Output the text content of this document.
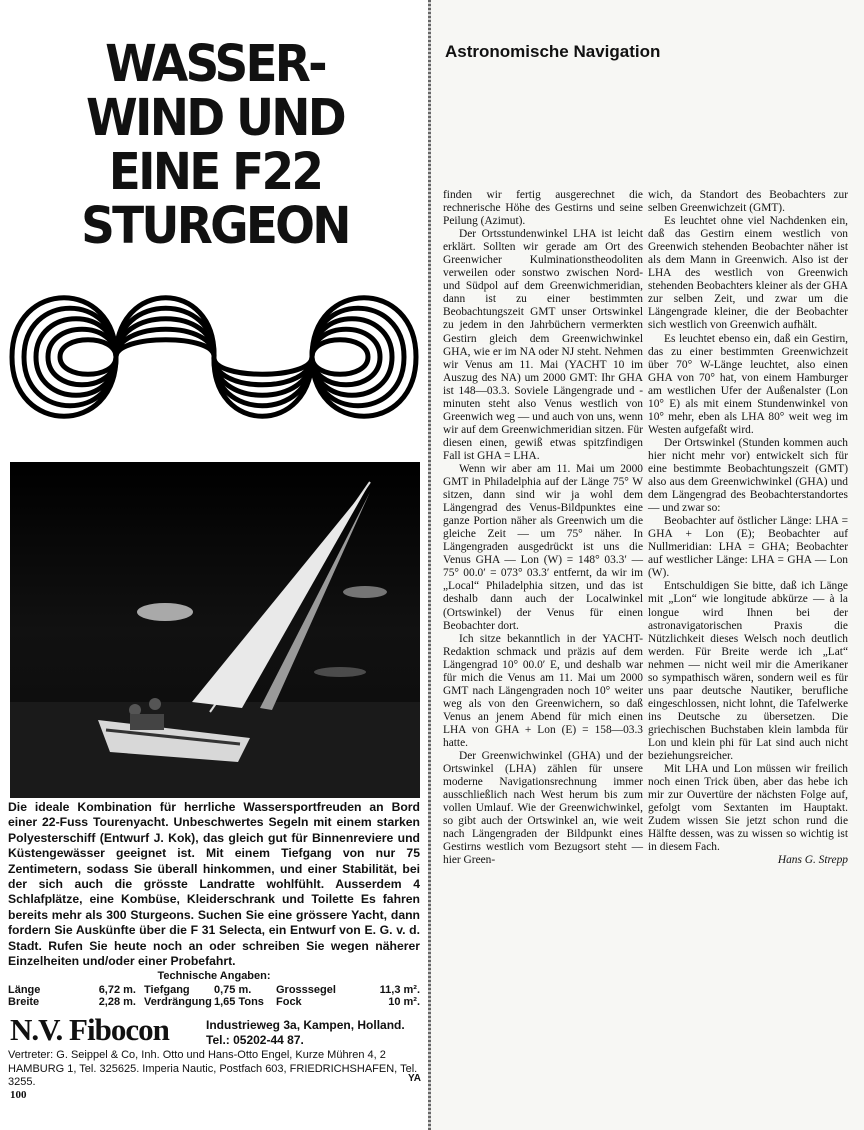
WASSER-
WIND UND
EINE F22
STURGEON
Die ideale Kombination für herrliche Wassersportfreuden an Bord einer 22-Fuss Tourenyacht. Unbeschwertes Segeln mit einem starken Polyesterschiff (Entwurf J. Kok), das gleich gut für Binnenreviere und Küstengewässer geeignet ist. Mit einem Tiefgang von nur 75 Zentimetern, sodass Sie überall hinkommen, und einer Stabilität, bei der sich auch die grösste Landratte wohlfühlt. Ausserdem 4 Schlafplätze, eine Kombüse, Kleiderschrank und Toilette Es fahren bereits mehr als 300 Sturgeons. Suchen Sie eine grössere Yacht, dann fordern Sie Auskünfte über die F 31 Selecta, ein Entwurf von E. G. v. d. Stadt. Rufen Sie heute noch an oder schreiben Sie wegen näherer Einzelheiten und/oder einer Probefahrt.
Technische Angaben:
Länge	6,72 m.	Tiefgang	0,75 m.	Grosssegel	11,3 m².
Breite	2,28 m.	Verdrängung	1,65 Tons	Fock	10 m².
N.V. Fibocon	Industrieweg 3a, Kampen, Holland.
Tel.: 05202-44 87.
Vertreter: G. Seippel & Co, Inh. Otto und Hans-Otto Engel, Kurze Mühren 4, 2 HAMBURG 1, Tel. 325625. Imperia Nautic, Postfach 603, FRIEDRICHSHAFEN, Tel. 3255.	YA
100
Astronomische Navigation

finden wir fertig ausgerechnet die rechnerische Höhe des Gestirns und seine Peilung (Azimut).

Der Ortsstundenwinkel LHA ist leicht erklärt. Sollten wir gerade am Ort des Greenwicher Kulminationstheodoliten verweilen oder sonstwo zwischen Nord- und Südpol auf dem Greenwichmeridian, dann ist zu einer bestimmten Beobachtungszeit GMT unser Ortswinkel zu jedem in den Jahrbüchern vermerkten Gestirn gleich dem Greenwichwinkel GHA, wie er im NA oder NJ steht. Nehmen wir Venus am 11. Mai (YACHT 10 im Auszug des NA) um 2000 GMT: Ihr GHA ist 148—03.3. Soviele Längengrade und -minuten steht also Venus westlich von Greenwich weg — und auch von uns, wenn wir auf dem Greenwichmeridian sitzen. Für diesen einen, gewiß etwas spitzfindigen Fall ist GHA = LHA.

Wenn wir aber am 11. Mai um 2000 GMT in Philadelphia auf der Länge 75° W sitzen, dann sind wir ja wohl dem Längengrad des Venus-Bildpunktes eine ganze Portion näher als Greenwich um die gleiche Zeit — um 75° näher. In Längengraden ausgedrückt ist uns die Venus GHA — Lon (W) = 148° 03.3′ — 75° 00.0′ = 073° 03.3′ entfernt, da wir im „Local“ Philadelphia sitzen, und das ist deshalb dann auch der Localwinkel (Ortswinkel) der Venus für einen Beobachter dort.

Ich sitze bekanntlich in der YACHT-Redaktion schmack und präzis auf dem Längengrad 10° 00.0′ E, und deshalb war für mich die Venus am 11. Mai um 2000 GMT nach Längengraden noch 10° weiter weg als von den Greenwichern, so daß Venus an jenem Abend für mich einen LHA von GHA + Lon (E) = 158—03.3 hatte.

Der Greenwichwinkel (GHA) und der Ortswinkel (LHA) zählen für unsere moderne Navigationsrechnung immer ausschließlich nach West herum bis zum vollen Umlauf. Wie der Greenwichwinkel, so gibt auch der Ortswinkel an, wie weit nach Längengraden der Bildpunkt eines Gestirns westlich vom Bezugsort steht — hier Green-

wich, da Standort des Beobachters zur selben Greenwichzeit (GMT).

Es leuchtet ohne viel Nachdenken ein, daß das Gestirn einem westlich von Greenwich stehenden Beobachter näher ist als dem Mann in Greenwich. Also ist der LHA des westlich von Greenwich stehenden Beobachters kleiner als der GHA zur selben Zeit, und zwar um die Längengrade kleiner, die der Beobachter sich westlich von Greenwich aufhält.

Es leuchtet ebenso ein, daß ein Gestirn, das zu einer bestimmten Greenwichzeit über 70° W-Länge leuchtet, also einen GHA von 70° hat, von einem Hamburger am westlichen Ufer der Außenalster (Lon 10° E) als mit einem Stundenwinkel von 10° mehr, eben als LHA 80° weit weg im Westen aufgefaßt wird.

Der Ortswinkel (Stunden kommen auch hier nicht mehr vor) entwickelt sich für eine bestimmte Beobachtungszeit (GMT) also aus dem Greenwichwinkel (GHA) und dem Längengrad des Beobachterstandortes — und zwar so:

Beobachter auf östlicher Länge: LHA = GHA + Lon (E); Beobachter auf Nullmeridian: LHA = GHA; Beobachter auf westlicher Länge: LHA = GHA — Lon (W).

Entschuldigen Sie bitte, daß ich Länge mit „Lon“ wie longitude abkürze — à la longue wird Ihnen bei der astronavigatorischen Praxis die Nützlichkeit dieses Welsch noch deutlich werden. Für Breite werde ich „Lat“ nehmen — nicht weil mir die Amerikaner so sympathisch wären, sondern weil es für uns paar deutsche Nautiker, berufliche eingeschlossen, nicht lohnt, die Tafelwerke ins Deutsche zu übersetzen. Die griechischen Buchstaben klein lambda für Lon und klein phi für Lat sind auch nicht beziehungsreicher.

Mit LHA und Lon müssen wir freilich noch einen Trick üben, aber das hebe ich mir zur Ouvertüre der nächsten Folge auf, gefolgt vom Sextanten im Hauptakt. Zudem wissen Sie jetzt schon rund die Hälfte dessen, was zu wissen so wichtig ist in diesem Fach.

Hans G. Strepp
